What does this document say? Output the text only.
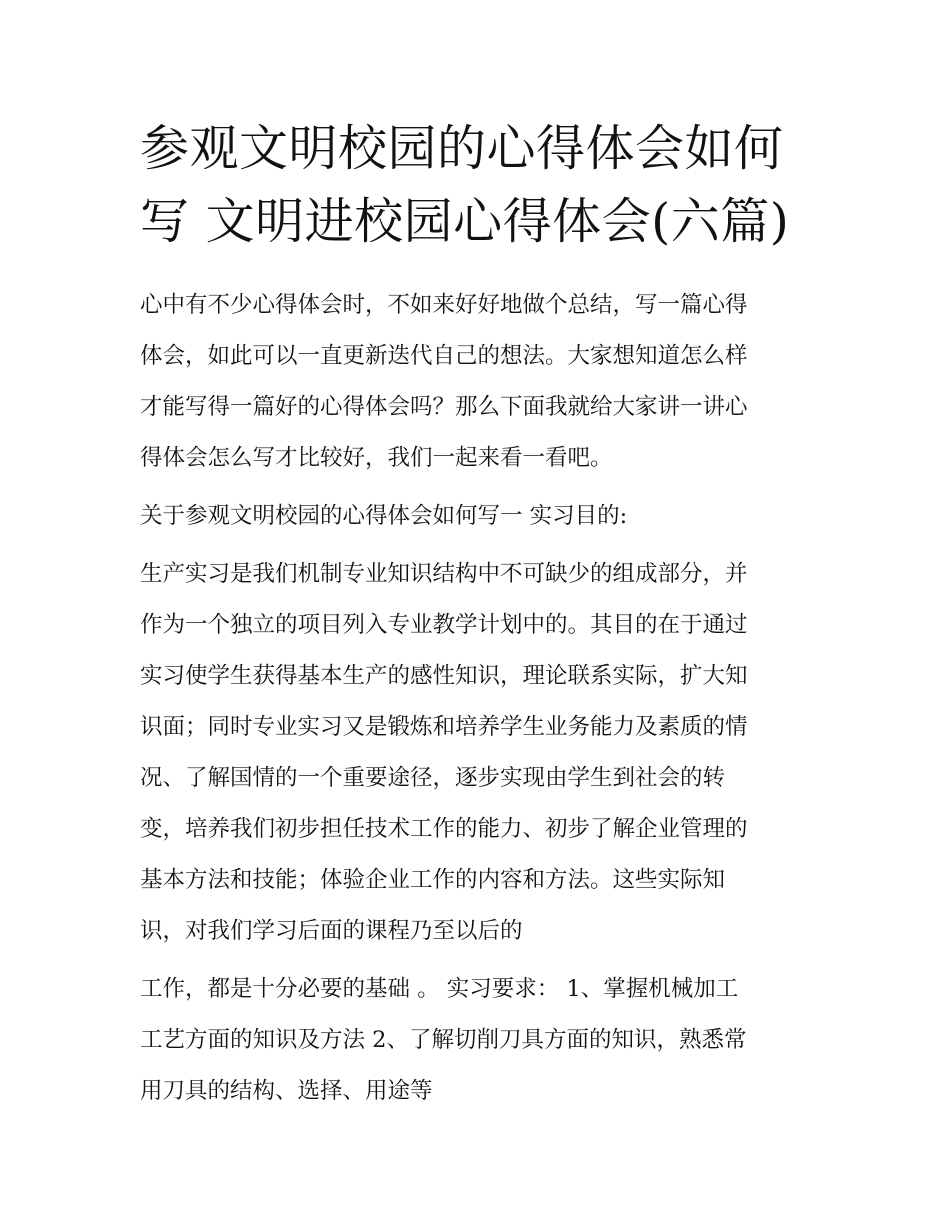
参观文明校园的心得体会如何
写 文明进校园心得体会(六篇)
心中有不少心得体会时，不如来好好地做个总结，写一篇心得
体会，如此可以一直更新迭代自己的想法。大家想知道怎么样
才能写得一篇好的心得体会吗？那么下面我就给大家讲一讲心
得体会怎么写才比较好，我们一起来看一看吧。
关于参观文明校园的心得体会如何写一 实习目的:
生产实习是我们机制专业知识结构中不可缺少的组成部分，并
作为一个独立的项目列入专业教学计划中的。其目的在于通过
实习使学生获得基本生产的感性知识，理论联系实际，扩大知
识面；同时专业实习又是锻炼和培养学生业务能力及素质的情
况、了解国情的一个重要途径，逐步实现由学生到社会的转
变，培养我们初步担任技术工作的能力、初步了解企业管理的
基本方法和技能；体验企业工作的内容和方法。这些实际知
识，对我们学习后面的课程乃至以后的
工作，都是十分必要的基础 。 实习要求： 1、掌握机械加工
工艺方面的知识及方法 2、了解切削刀具方面的知识，熟悉常
用刀具的结构、选择、用途等
